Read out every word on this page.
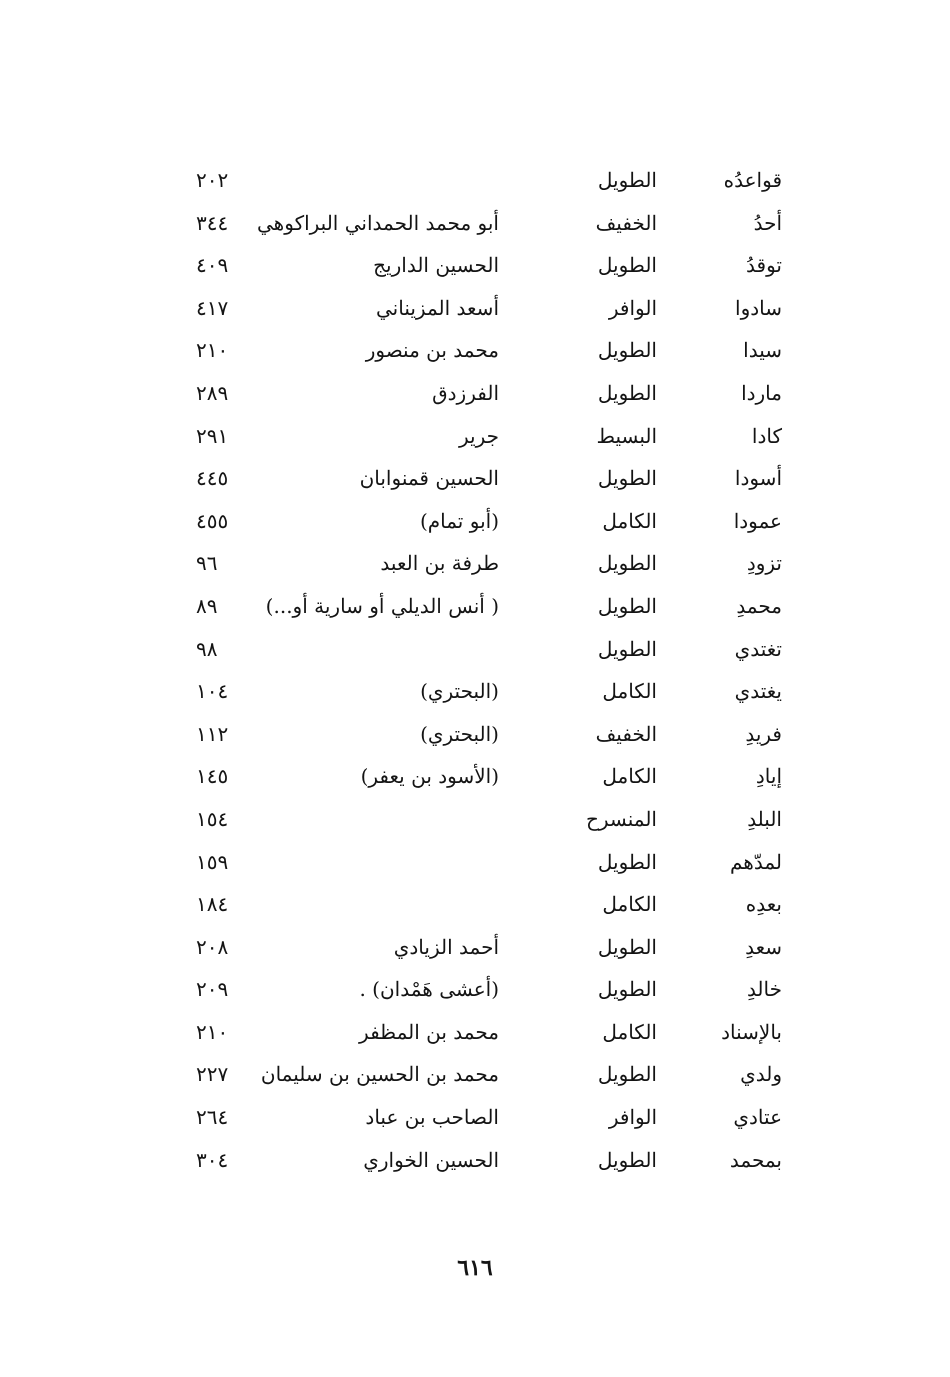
قواعدُه
الطويل
٢٠٢
أحدُ
الخفيف
أبو محمد الحمداني البراكوهي
٣٤٤
توقدُ
الطويل
الحسين الداريج
٤٠٩
سادوا
الوافر
أسعد المزيناني
٤١٧
سيدا
الطويل
محمد بن منصور
٢١٠
ماردا
الطويل
الفرزدق
٢٨٩
كادا
البسيط
جرير
٢٩١
أسودا
الطويل
الحسين قمنوابان
٤٤٥
عمودا
الكامل
(أبو تمام)
٤٥٥
تزودِ
الطويل
طرفة بن العبد
٩٦
محمدِ
الطويل
( أنس الديلي أو سارية أو...)
٨٩
تغتدي
الطويل
٩٨
يغتدي
الكامل
(البحتري)
١٠٤
فريدِ
الخفيف
(البحتري)
١١٢
إيادِ
الكامل
(الأسود بن يعفر)
١٤٥
البلدِ
المنسرح
١٥٤
لمدّهم
الطويل
١٥٩
بعدِه
الكامل
١٨٤
سعدِ
الطويل
أحمد الزيادي
٢٠٨
خالدِ
الطويل
(أعشى هَمْدان) .
٢٠٩
بالإسناد
الكامل
محمد بن المظفر
٢١٠
ولدي
الطويل
محمد بن الحسين بن سليمان
٢٢٧
عتادي
الوافر
الصاحب بن عباد
٢٦٤
بمحمد
الطويل
الحسين الخواري
٣٠٤
٦١٦
